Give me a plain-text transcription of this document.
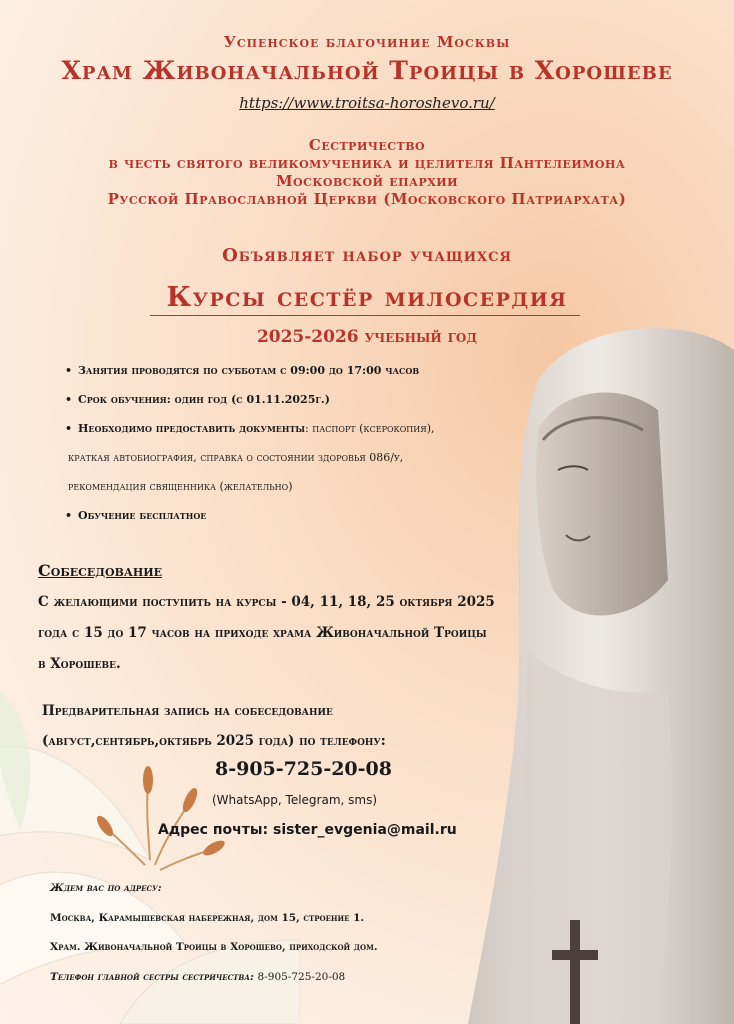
Успенское благочиние Москвы
Храм Живоначальной Троицы в Хорошеве
https://www.troitsa-horoshevo.ru/
Сестричество
в честь святого великомученика и целителя Пантелеимона
Московской епархии
Русской Православной Церкви (Московского Патриархата)
Объявляет набор учащихся
Курсы сестёр милосердия
2025-2026 учебный год
• Занятия проводятся по субботам с 09:00 до 17:00 часов
• Срок обучения: один год (с 01.11.2025г.)
• Необходимо предоставить документы: паспорт (ксерокопия),
краткая автобиография, справка о состоянии здоровья 086/у,
рекомендация священника (желательно)
• Обучение бесплатное
Собеседование
С желающими поступить на курсы - 04, 11, 18, 25 октября 2025
года с 15 до 17 часов на приходе храма Живоначальной Троицы
в Хорошеве.
Предварительная запись на собеседование
(август,сентябрь,октябрь 2025 года) по телефону:
8-905-725-20-08
(WhatsApp, Telegram, sms)
Адрес почты: sister_evgenia@mail.ru
Ждем вас по адресу:
Москва, Карамышевская набережная, дом 15, строение 1.
Храм. Живоначальной Троицы в Хорошево, приходской дом.
Телефон главной сестры сестричества: 8-905-725-20-08
